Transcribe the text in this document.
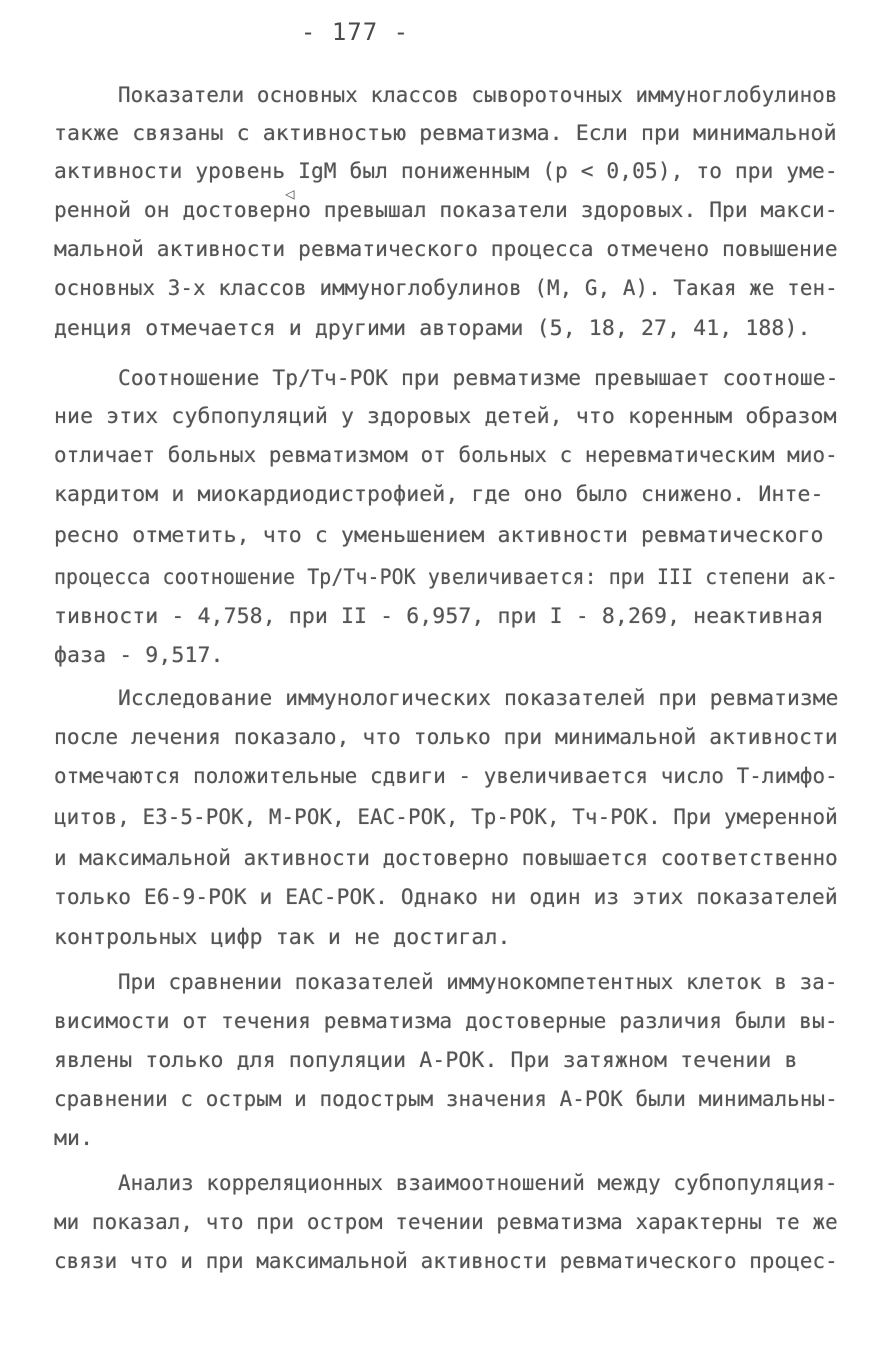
- 177 -
Показатели основных классов сывороточных иммуноглобулинов
также связаны с активностью ревматизма. Если при минимальной
активности уровень IgM был пониженным (р < 0,05), то при уме-
◁
ренной он достоверно превышал показатели здоровых. При макси-
мальной активности ревматического процесса отмечено повышение
основных 3-х классов иммуноглобулинов (М, G, А). Такая же тен-
денция отмечается и другими авторами (5, 18, 27, 41, 188).
Соотношение Тр/Тч-РОК при ревматизме превышает соотноше-
ние этих субпопуляций у здоровых детей, что коренным образом
отличает больных ревматизмом от больных с неревматическим мио-
кардитом и миокардиодистрофией, где оно было снижено. Инте-
ресно отметить, что с уменьшением активности ревматического
процесса соотношение Тр/Тч-РОК увеличивается: при III степени ак-
тивности - 4,758, при II - 6,957, при I - 8,269, неактивная
фаза - 9,517.
Исследование иммунологических показателей при ревматизме
после лечения показало, что только при минимальной активности
отмечаются положительные сдвиги - увеличивается число Т-лимфо-
цитов, Е3-5-РОК, М-РОК, ЕАС-РОК, Тр-РОК, Тч-РОК. При умеренной
и максимальной активности достоверно повышается соответственно
только Е6-9-РОК и ЕАС-РОК. Однако ни один из этих показателей
контрольных цифр так и не достигал.
При сравнении показателей иммунокомпетентных клеток в за-
висимости от течения ревматизма достоверные различия были вы-
явлены только для популяции А-РОК. При затяжном течении в
сравнении с острым и подострым значения А-РОК были минимальны-
ми.
Анализ корреляционных взаимоотношений между субпопуляция-
ми показал, что при остром течении ревматизма характерны те же
связи что и при максимальной активности ревматического процес-
